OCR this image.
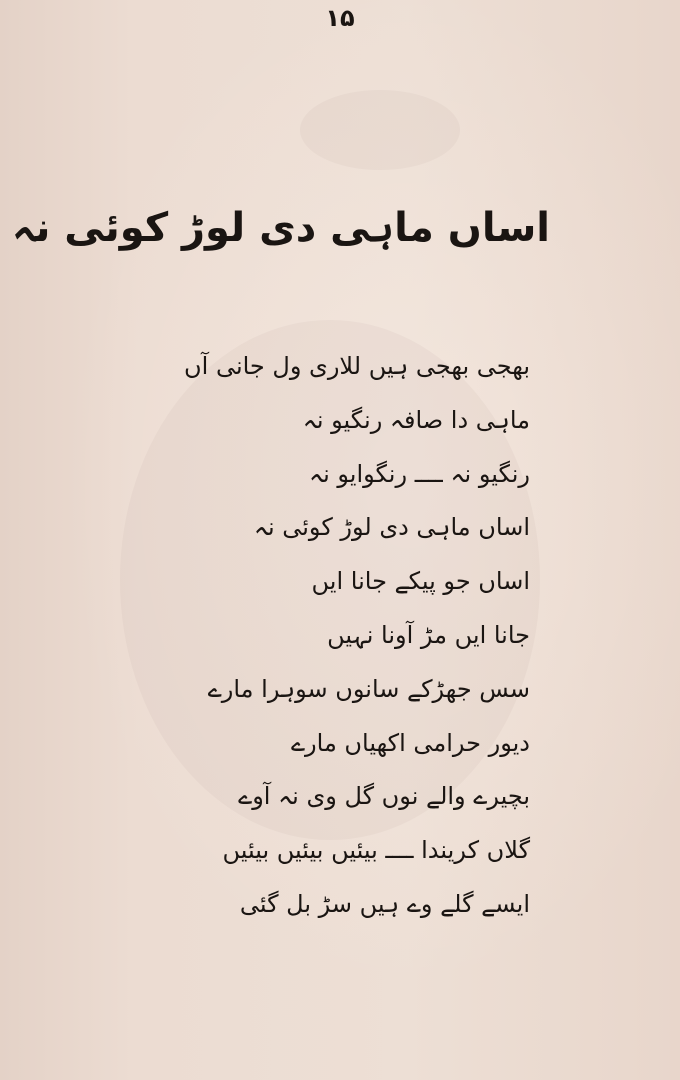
۱۵
اساں ماہی دی لوڑ کوئی نہ
بھجی بھجی ہیں للاری ول جانی آں
ماہی دا صافہ رنگیو نہ
رنگیو نہ ــــ رنگوایو نہ
اساں ماہی دی لوڑ کوئی نہ
اساں جو پیکے جانا ایں
جانا ایں مڑ آونا نہیں
سس جھڑکے سانوں سوہرا مارے
دیور حرامی اکھیاں مارے
بچیرے والے نوں گل وی نہ آوے
گلاں کریندا ــــ بیئیں بیئیں بیئیں
ایسے گلے وے ہیں سڑ بل گئی
